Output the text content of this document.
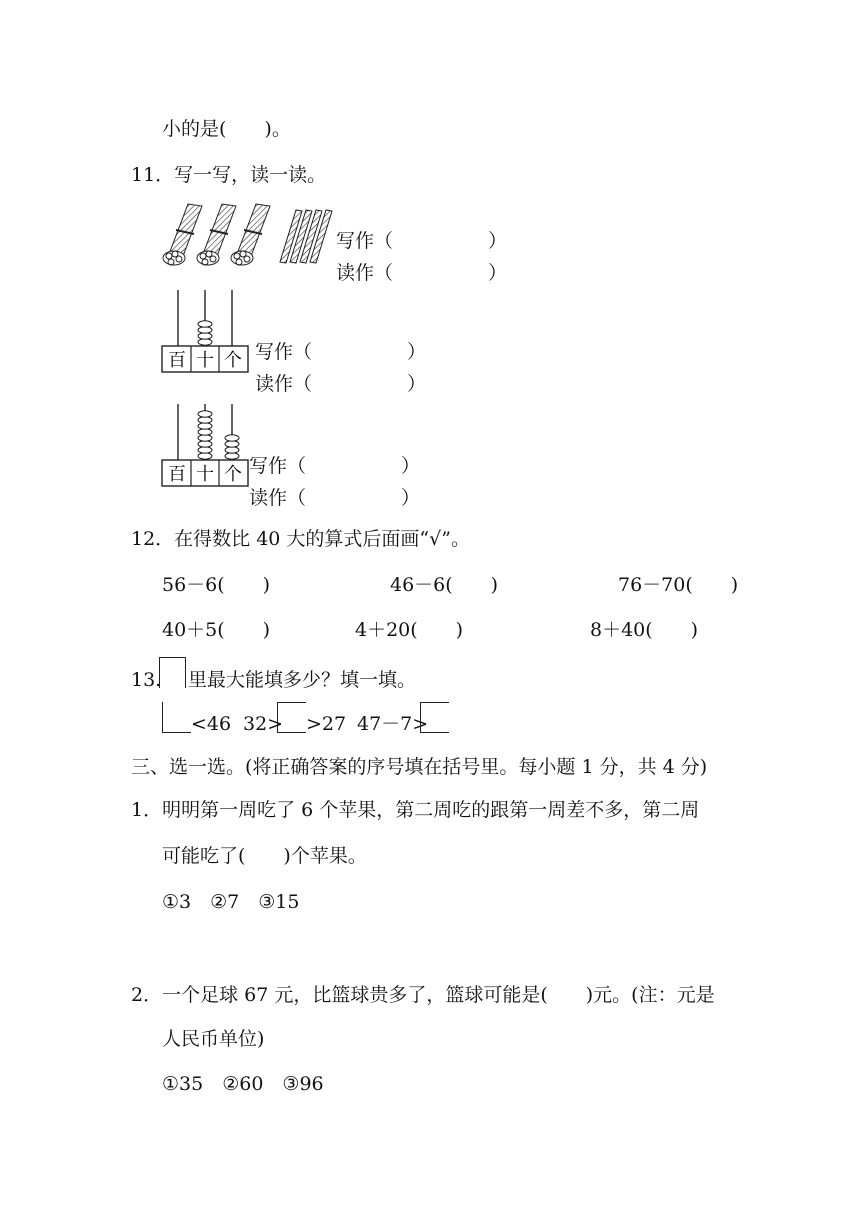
小的是(　　)。
11．写一写，读一读。
写作（　　　　　）
读作（　　　　　）
百 十 个 写作（　　　　　）
读作（　　　　　）
百 十 个 写作（　　　　　）
读作（　　　　　）
12．在得数比 40 大的算式后面画“√”。
56－6(　　)	46－6(　　)	76－70(　　)
40＋5(　　)	4＋20(　　)	8＋40(　　)
13. 里最大能填多少？填一填。
<46 32> >27 47－7>
三、选一选。(将正确答案的序号填在括号里。每小题 1 分，共 4 分)
1．明明第一周吃了 6 个苹果，第二周吃的跟第一周差不多，第二周
可能吃了(　　)个苹果。
①3　②7　③15
2．一个足球 67 元，比篮球贵多了，篮球可能是(　　)元。(注：元是
人民币单位)
①35　②60　③96
